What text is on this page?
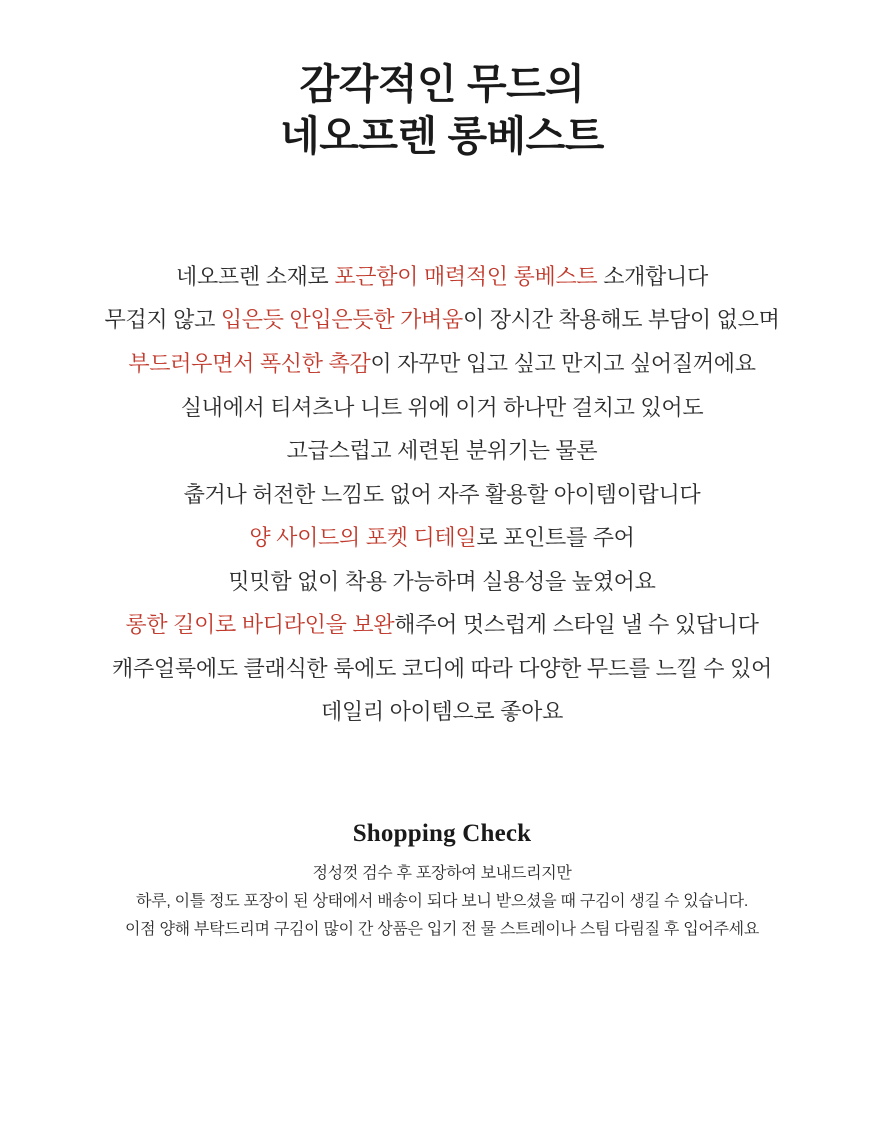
감각적인 무드의
네오프렌 롱베스트
네오프렌 소재로 포근함이 매력적인 롱베스트 소개합니다
무겁지 않고 입은듯 안입은듯한 가벼움이 장시간 착용해도 부담이 없으며
부드러우면서 폭신한 촉감이 자꾸만 입고 싶고 만지고 싶어질꺼에요
실내에서 티셔츠나 니트 위에 이거 하나만 걸치고 있어도
고급스럽고 세련된 분위기는 물론
춥거나 허전한 느낌도 없어 자주 활용할 아이템이랍니다
양 사이드의 포켓 디테일로 포인트를 주어
밋밋함 없이 착용 가능하며 실용성을 높였어요
롱한 길이로 바디라인을 보완해주어 멋스럽게 스타일 낼 수 있답니다
캐주얼룩에도 클래식한 룩에도 코디에 따라 다양한 무드를 느낄 수 있어
데일리 아이템으로 좋아요
Shopping Check
정성껏 검수 후 포장하여 보내드리지만
하루, 이틀 정도 포장이 된 상태에서 배송이 되다 보니 받으셨을 때 구김이 생길 수 있습니다.
이점 양해 부탁드리며 구김이 많이 간 상품은 입기 전 물 스트레이나 스팀 다림질 후 입어주세요
